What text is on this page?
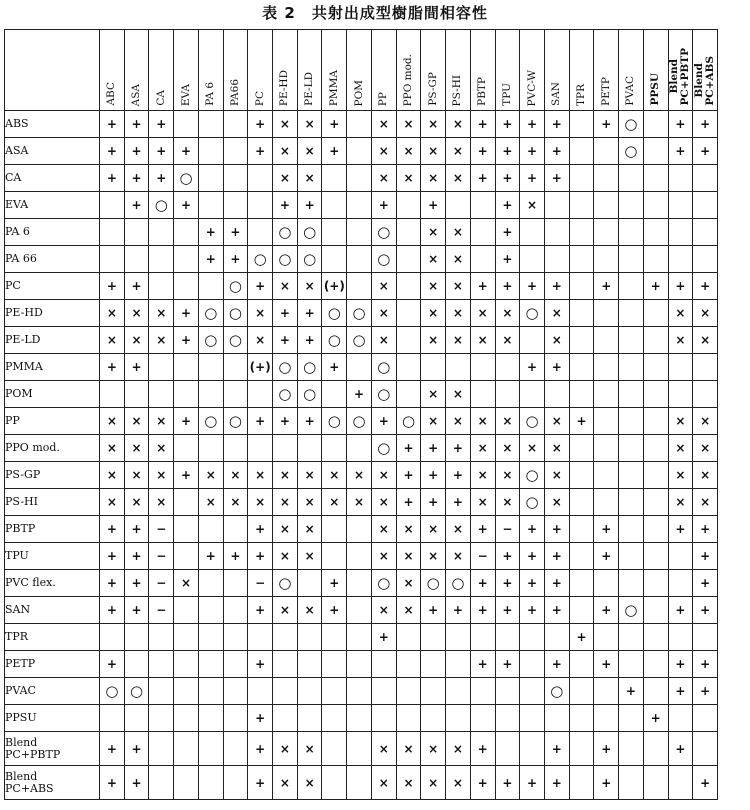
表 2　共射出成型樹脂間相容性
	ABC	ASA	CA	EVA	PA 6	PA66	PC	PE-HD	PE-LD	PMMA	POM	PP	PPO mod.	PS-GP	PS-HI	PBTP	TPU	PVC-W	SAN	TPR	PETP	PVAC	PPSU	Blend
PC+PBTP	Blend
PC+ABS
ABS	+	+	+				+	×	×	+		×	×	×	×	+	+	+	+		+	○		+	+
ASA	+	+	+	+			+	×	×	+		×	×	×	×	+	+	+	+			○		+	+
CA	+	+	+	○				×	×			×	×	×	×	+	+	+	+						
EVA		+	○	+				+	+			+		+			+	×							
PA 6					+	+		○	○			○		×	×		+								
PA 66					+	+	○	○	○			○		×	×		+								
PC	+	+				○	+	×	×	(+)		×		×	×	+	+	+	+		+		+	+	+
PE-HD	×	×	×	+	○	○	×	+	+	○	○	×		×	×	×	×	○	×					×	×
PE-LD	×	×	×	+	○	○	×	+	+	○	○	×		×	×	×	×		×					×	×
PMMA	+	+					(+)	○	○	+		○						+	+						
POM								○	○		+	○		×	×										
PP	×	×	×	+	○	○	+	+	+	○	○	+	○	×	×	×	×	○	×	+				×	×
PPO mod.	×	×	×									○	+	+	+	×	×	×	×					×	×
PS-GP	×	×	×	+	×	×	×	×	×	×	×	×	+	+	+	×	×	○	×					×	×
PS-HI	×	×	×		×	×	×	×	×	×	×	×	+	+	+	×	×	○	×					×	×
PBTP	+	+	−				+	×	×			×	×	×	×	+	−	+	+		+			+	+
TPU	+	+	−		+	+	+	×	×			×	×	×	×	−	+	+	+		+				+
PVC flex.	+	+	−	×			−	○		+		○	×	○	○	+	+	+	+						+
SAN	+	+	−				+	×	×	+		×	×	+	+	+	+	+	+		+	○		+	+
TPR												+								+					
PETP	+						+									+	+		+		+			+	+
PVAC	○	○																	○			+		+	+
PPSU							+																+		
Blend
PC+PBTP	+	+					+	×	×			×	×	×	×	+			+		+			+	
Blend
PC+ABS	+	+					+	×	×			×	×	×	×	+	+	+	+		+				+
